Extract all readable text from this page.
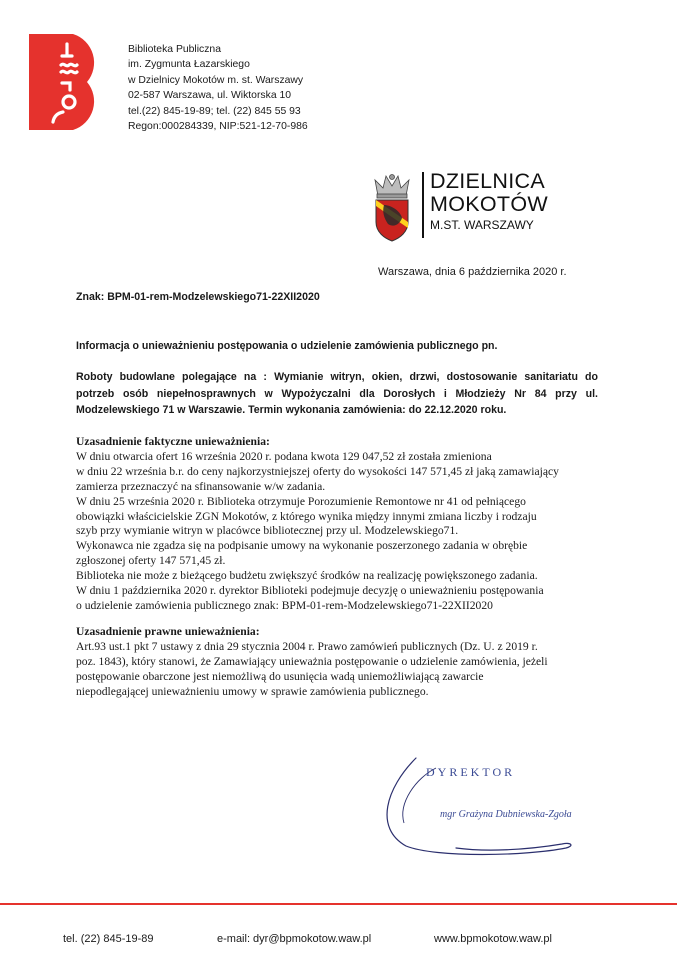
Biblioteka Publiczna
im. Zygmunta Łazarskiego
w Dzielnicy Mokotów m. st. Warszawy
02-587 Warszawa, ul. Wiktorska 10
tel.(22) 845-19-89; tel. (22) 845 55 93
Regon:000284339, NIP:521-12-70-986
DZIELNICA
MOKOTÓW
M.ST. WARSZAWY
Warszawa, dnia 6 października 2020 r.
Znak: BPM-01-rem-Modzelewskiego71-22XII2020
Informacja o unieważnieniu postępowania o udzielenie zamówienia publicznego pn.
Roboty budowlane polegające na : Wymianie witryn, okien, drzwi, dostosowanie sanitariatu do
potrzeb osób niepełnosprawnych w Wypożyczalni dla Dorosłych i Młodzieży Nr 84 przy ul.
Modzelewskiego 71 w Warszawie. Termin wykonania zamówienia: do 22.12.2020 roku.
Uzasadnienie faktyczne unieważnienia:
W dniu otwarcia ofert 16 września 2020 r. podana kwota 129 047,52 zł została zmieniona
w dniu 22 września b.r. do ceny najkorzystniejszej oferty do wysokości 147 571,45 zł jaką zamawiający
zamierza przeznaczyć na sfinansowanie w/w zadania.
W dniu 25 września 2020 r. Biblioteka otrzymuje Porozumienie Remontowe nr 41 od pełniącego
obowiązki właścicielskie ZGN Mokotów, z którego wynika między innymi zmiana liczby i rodzaju
szyb przy wymianie witryn w placówce bibliotecznej przy ul. Modzelewskiego71.
Wykonawca nie zgadza się na podpisanie umowy na wykonanie poszerzonego zadania w obrębie
zgłoszonej oferty 147 571,45 zł.
Biblioteka nie może z bieżącego budżetu zwiększyć środków na realizację powiększonego zadania.
W dniu 1 października 2020 r. dyrektor Biblioteki podejmuje decyzję o unieważnieniu postępowania
o udzielenie zamówienia publicznego znak: BPM-01-rem-Modzelewskiego71-22XII2020
Uzasadnienie prawne unieważnienia:
Art.93 ust.1 pkt 7 ustawy z dnia 29 stycznia 2004 r. Prawo zamówień publicznych (Dz. U. z 2019 r.
poz. 1843), który stanowi, że Zamawiający unieważnia postępowanie o udzielenie zamówienia, jeżeli
postępowanie obarczone jest niemożliwą do usunięcia wadą uniemożliwiającą zawarcie
niepodlegającej unieważnieniu umowy w sprawie zamówienia publicznego.
DYREKTOR
mgr Grażyna Dubniewska-Zgoła
tel. (22) 845-19-89	e-mail: dyr@bpmokotow.waw.pl	www.bpmokotow.waw.pl
